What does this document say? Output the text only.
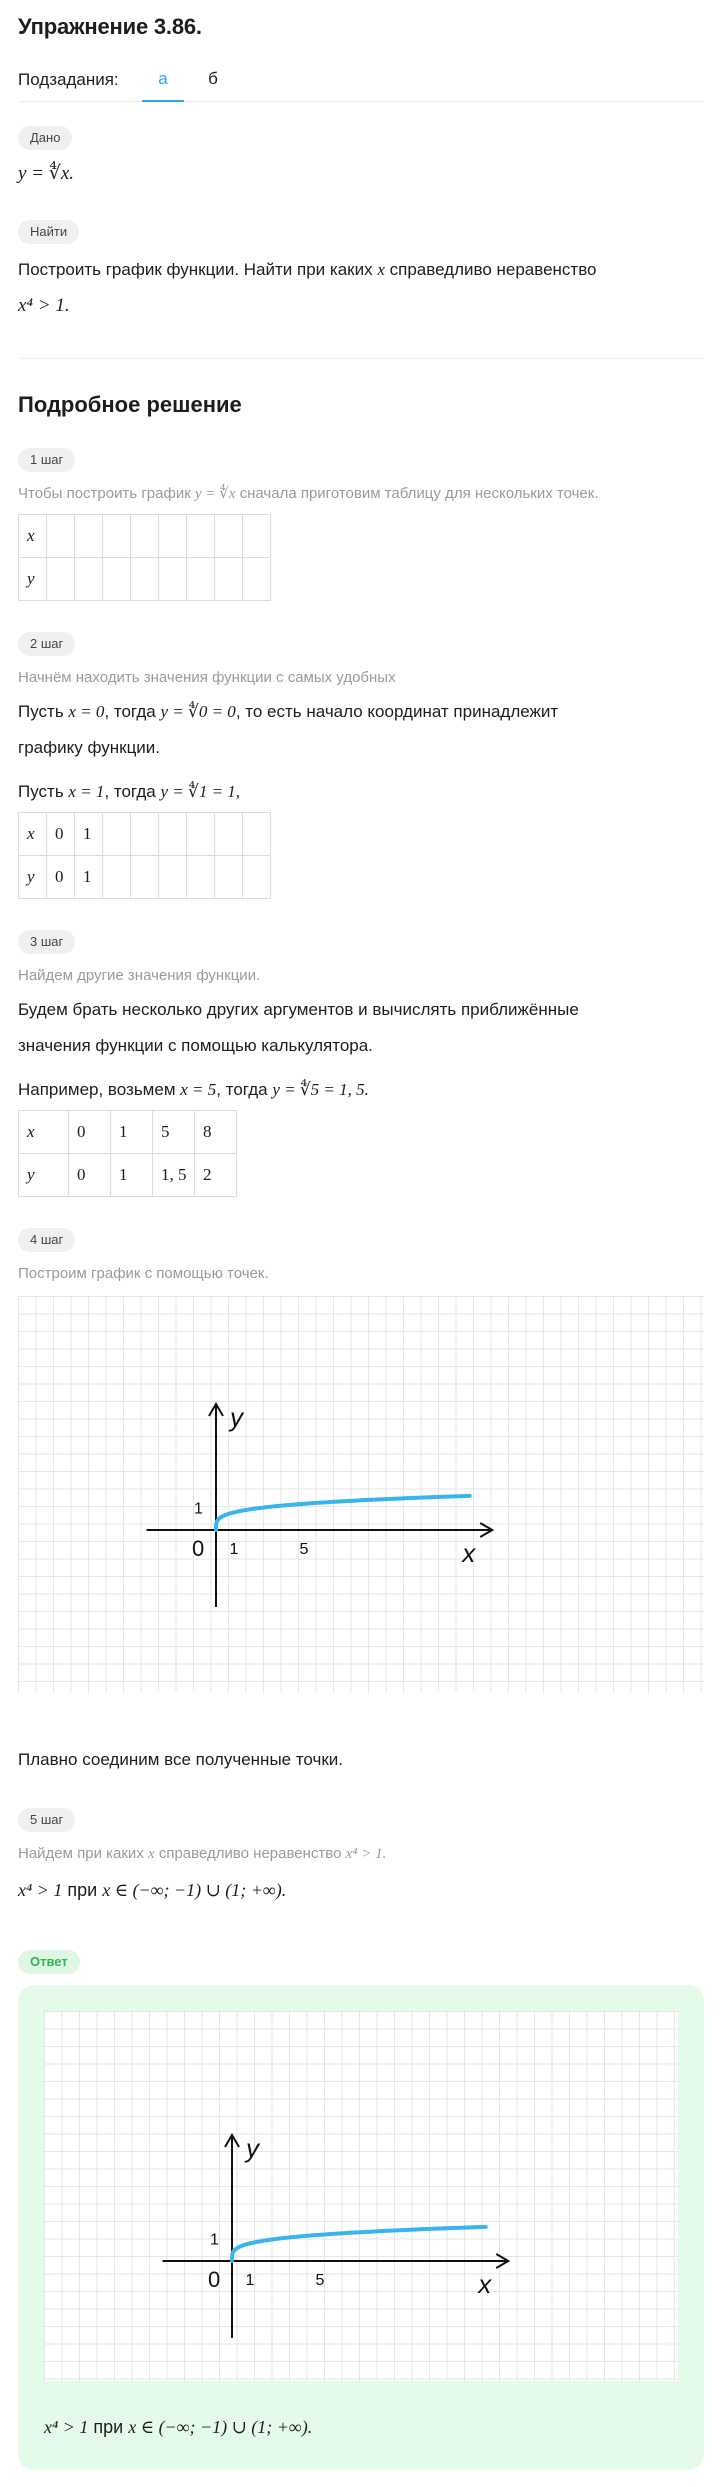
Упражнение 3.86.
Подзадания:	а	б
Дано
y = ∜x.
Найти
Построить график функции. Найти при каких x справедливо неравенство
x⁴ > 1.
Подробное решение
1 шаг
Чтобы построить график y = ∜x сначала приготовим таблицу для нескольких точек.
x								
y								
2 шаг
Начнём находить значения функции с самых удобных
Пусть x = 0, тогда y = ∜0 = 0, то есть начало координат принадлежит
графику функции.
Пусть x = 1, тогда y = ∜1 = 1,
x	0	1						
y	0	1						
3 шаг
Найдем другие значения функции.
Будем брать несколько других аргументов и вычислять приближённые
значения функции с помощью калькулятора.
Например, возьмем x = 5, тогда y = ∜5 = 1, 5.
x	0	1	5	8
y	0	1	1, 5	2
4 шаг
Построим график с помощью точек.
y
x
0 1	5
1
Плавно соединим все полученные точки.
5 шаг
Найдем при каких x справедливо неравенство x⁴ > 1.
x⁴ > 1 при x ∈ (−∞; −1) ∪ (1; +∞).
Ответ
y
x
0 1	5
1
x⁴ > 1 при x ∈ (−∞; −1) ∪ (1; +∞).
